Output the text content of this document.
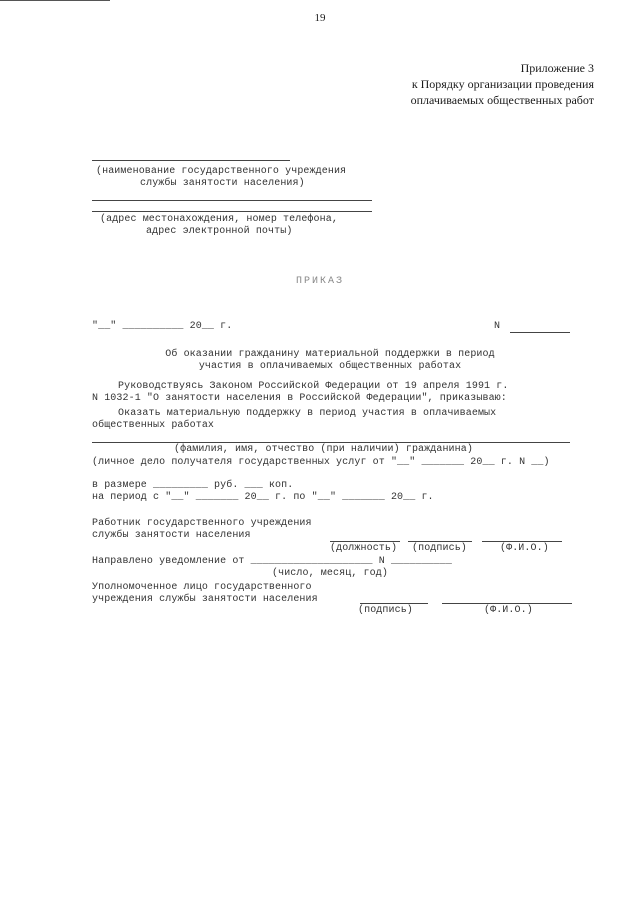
19
Приложение 3
к Порядку организации проведения
оплачиваемых общественных работ
(наименование государственного учреждения
службы занятости населения)
(адрес местонахождения, номер телефона,
адрес электронной почты)
ПРИКАЗ
"__" __________ 20__ г.	N
Об оказании гражданину материальной поддержки в период
участия в оплачиваемых общественных работах
Руководствуясь Законом Российской Федерации от 19 апреля 1991 г.
N 1032-1 "О занятости населения в Российской Федерации", приказываю:
Оказать материальную поддержку в период участия в оплачиваемых
общественных работах
(фамилия, имя, отчество (при наличии) гражданина)
(личное дело получателя государственных услуг от "__" _______ 20__ г. N __)
в размере _________ руб. ___ коп.
на период с "__" _______ 20__ г. по "__" _______ 20__ г.
Работник государственного учреждения
службы занятости населения
(должность) (подпись)	(Ф.И.О.)
Направлено уведомление от ____________________ N __________
(число, месяц, год)
Уполномоченное лицо государственного
учреждения службы занятости населения
(подпись)	(Ф.И.О.)
